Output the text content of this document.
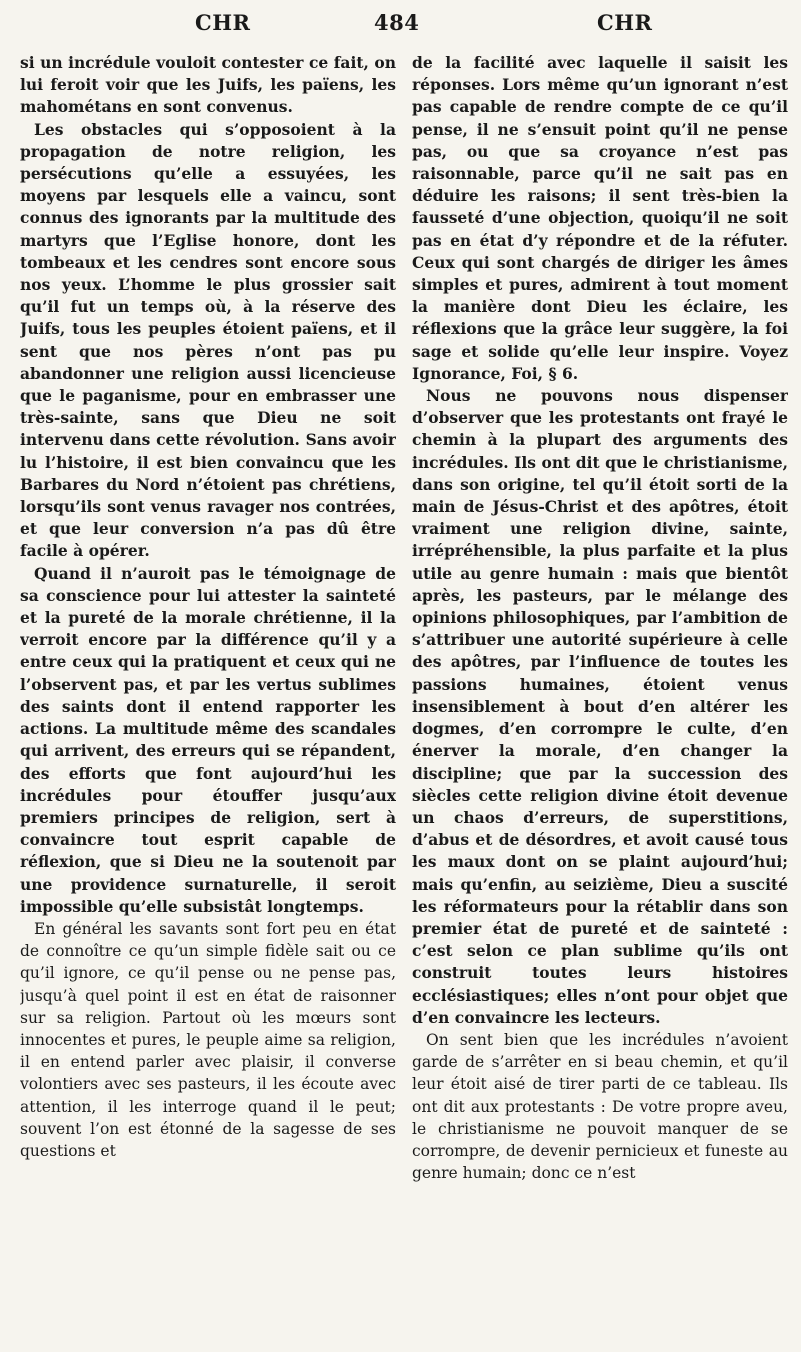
CHR	484	CHR

si un incrédule vouloit contester ce fait, on lui feroit voir que les Juifs, les païens, les mahométans en sont convenus.

Les obstacles qui s’opposoient à la propagation de notre religion, les persécutions qu’elle a essuyées, les moyens par lesquels elle a vaincu, sont connus des ignorants par la multitude des martyrs que l’Eglise honore, dont les tombeaux et les cendres sont encore sous nos yeux. L’homme le plus grossier sait qu’il fut un temps où, à la réserve des Juifs, tous les peuples étoient païens, et il sent que nos pères n’ont pas pu abandonner une religion aussi licencieuse que le paganisme, pour en embrasser une très-sainte, sans que Dieu ne soit intervenu dans cette révolution. Sans avoir lu l’histoire, il est bien convaincu que les Barbares du Nord n’étoient pas chrétiens, lorsqu’ils sont venus ravager nos contrées, et que leur conversion n’a pas dû être facile à opérer.

Quand il n’auroit pas le témoignage de sa conscience pour lui attester la sainteté et la pureté de la morale chrétienne, il la verroit encore par la différence qu’il y a entre ceux qui la pratiquent et ceux qui ne l’observent pas, et par les vertus sublimes des saints dont il entend rapporter les actions. La multitude même des scandales qui arrivent, des erreurs qui se répandent, des efforts que font aujourd’hui les incrédules pour étouffer jusqu’aux premiers principes de religion, sert à convaincre tout esprit capable de réflexion, que si Dieu ne la soutenoit par une providence surnaturelle, il seroit impossible qu’elle subsistât longtemps.

En général les savants sont fort peu en état de connoître ce qu’un simple fidèle sait ou ce qu’il ignore, ce qu’il pense ou ne pense pas, jusqu’à quel point il est en état de raisonner sur sa religion. Partout où les mœurs sont innocentes et pures, le peuple aime sa religion, il en entend parler avec plaisir, il converse volontiers avec ses pasteurs, il les écoute avec attention, il les interroge quand il le peut; souvent l’on est étonné de la sagesse de ses questions et

de la facilité avec laquelle il saisit les réponses. Lors même qu’un ignorant n’est pas capable de rendre compte de ce qu’il pense, il ne s’ensuit point qu’il ne pense pas, ou que sa croyance n’est pas raisonnable, parce qu’il ne sait pas en déduire les raisons; il sent très-bien la fausseté d’une objection, quoiqu’il ne soit pas en état d’y répondre et de la réfuter. Ceux qui sont chargés de diriger les âmes simples et pures, admirent à tout moment la manière dont Dieu les éclaire, les réflexions que la grâce leur suggère, la foi sage et solide qu’elle leur inspire. Voyez Ignorance, Foi, § 6.

Nous ne pouvons nous dispenser d’observer que les protestants ont frayé le chemin à la plupart des arguments des incrédules. Ils ont dit que le christianisme, dans son origine, tel qu’il étoit sorti de la main de Jésus-Christ et des apôtres, étoit vraiment une religion divine, sainte, irrépréhensible, la plus parfaite et la plus utile au genre humain : mais que bientôt après, les pasteurs, par le mélange des opinions philosophiques, par l’ambition de s’attribuer une autorité supérieure à celle des apôtres, par l’influence de toutes les passions humaines, étoient venus insensiblement à bout d’en altérer les dogmes, d’en corrompre le culte, d’en énerver la morale, d’en changer la discipline; que par la succession des siècles cette religion divine étoit devenue un chaos d’erreurs, de superstitions, d’abus et de désordres, et avoit causé tous les maux dont on se plaint aujourd’hui; mais qu’enfin, au seizième, Dieu a suscité les réformateurs pour la rétablir dans son premier état de pureté et de sainteté : c’est selon ce plan sublime qu’ils ont construit toutes leurs histoires ecclésiastiques; elles n’ont pour objet que d’en convaincre les lecteurs.

On sent bien que les incrédules n’avoient garde de s’arrêter en si beau chemin, et qu’il leur étoit aisé de tirer parti de ce tableau. Ils ont dit aux protestants : De votre propre aveu, le christianisme ne pouvoit manquer de se corrompre, de devenir pernicieux et funeste au genre humain; donc ce n’est
